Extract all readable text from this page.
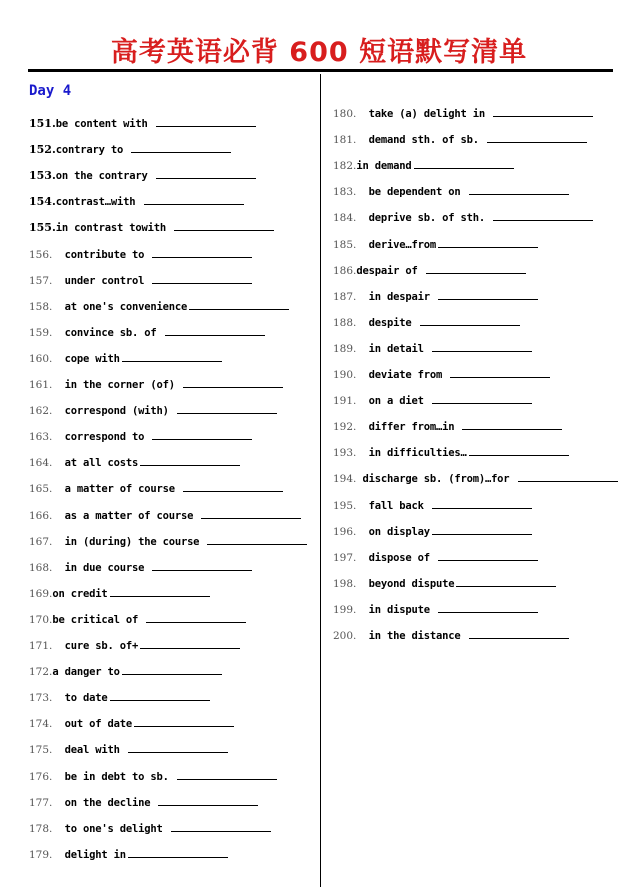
高考英语必背 600 短语默写清单
Day 4
151. be content with
152. contrary to
153. on the contrary
154. contrast…with
155. in contrast towith
156. contribute to
157. under control
158. at one's convenience
159. convince sb. of
160. cope with
161. in the corner (of)
162. correspond (with)
163. correspond to
164. at all costs
165. a matter of course
166. as a matter of course
167. in (during) the course
168. in due course
169. on credit
170. be critical of
171. cure sb. of+
172. a danger to
173. to date
174. out of date
175. deal with
176. be in debt to sb.
177. on the decline
178. to one's delight
179. delight in
180. take (a) delight in
181. demand sth. of sb.
182. in demand
183. be dependent on
184. deprive sb. of sth.
185. derive…from
186. despair of
187. in despair
188. despite
189. in detail
190. deviate from
191. on a diet
192. differ from…in
193. in difficulties…
194. discharge sb. (from)…for
195. fall back
196. on display
197. dispose of
198. beyond dispute
199. in dispute
200. in the distance
